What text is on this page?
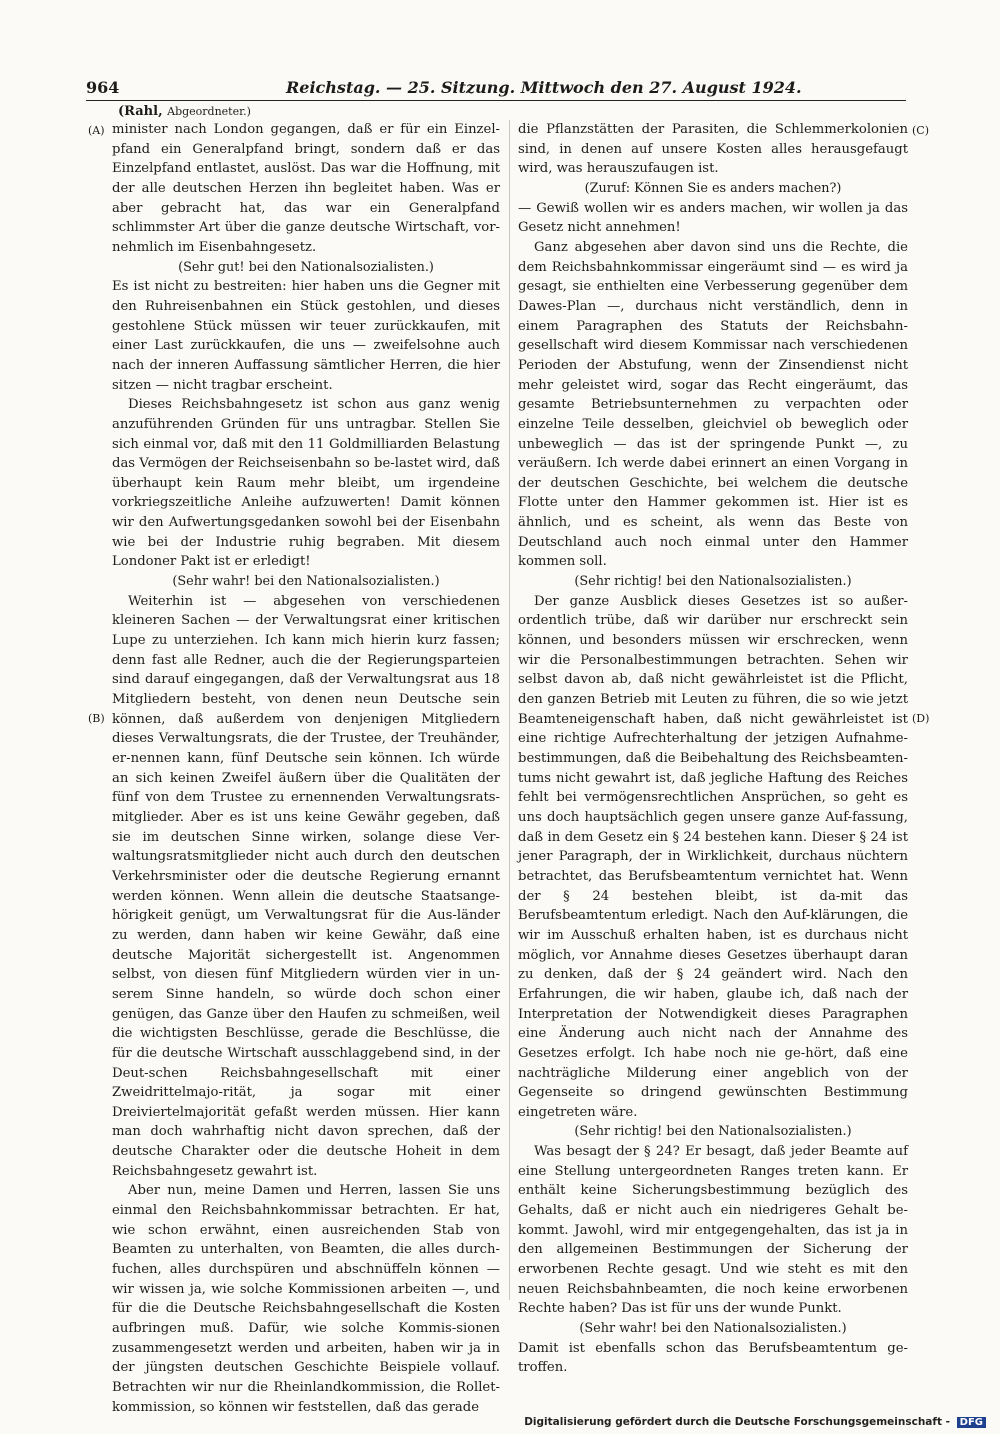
964	Reichstag. — 25. Sitzung. Mittwoch den 27. August 1924.
(Rahl, Abgeordneter.)
(A)
(B)
(C)
(D)

minister nach London gegangen, daß er für ein Einzel-pfand ein Generalpfand bringt, sondern daß er das Einzelpfand entlastet, auslöst. Das war die Hoffnung, mit der alle deutschen Herzen ihn begleitet haben. Was er aber gebracht hat, das war ein Generalpfand schlimmster Art über die ganze deutsche Wirtschaft, vor-nehmlich im Eisenbahngesetz.

(Sehr gut! bei den Nationalsozialisten.)

Es ist nicht zu bestreiten: hier haben uns die Gegner mit den Ruhreisenbahnen ein Stück gestohlen, und dieses gestohlene Stück müssen wir teuer zurückkaufen, mit einer Last zurückkaufen, die uns — zweifelsohne auch nach der inneren Auffassung sämtlicher Herren, die hier sitzen — nicht tragbar erscheint.

Dieses Reichsbahngesetz ist schon aus ganz wenig anzuführenden Gründen für uns untragbar. Stellen Sie sich einmal vor, daß mit den 11 Goldmilliarden Belastung das Vermögen der Reichseisenbahn so be-lastet wird, daß überhaupt kein Raum mehr bleibt, um irgendeine vorkriegszeitliche Anleihe aufzuwerten! Damit können wir den Aufwertungsgedanken sowohl bei der Eisenbahn wie bei der Industrie ruhig begraben. Mit diesem Londoner Pakt ist er erledigt!

(Sehr wahr! bei den Nationalsozialisten.)

Weiterhin ist — abgesehen von verschiedenen kleineren Sachen — der Verwaltungsrat einer kritischen Lupe zu unterziehen. Ich kann mich hierin kurz fassen; denn fast alle Redner, auch die der Regierungsparteien sind darauf eingegangen, daß der Verwaltungsrat aus 18 Mitgliedern besteht, von denen neun Deutsche sein können, daß außerdem von denjenigen Mitgliedern dieses Verwaltungsrats, die der Trustee, der Treuhänder, er-nennen kann, fünf Deutsche sein können. Ich würde an sich keinen Zweifel äußern über die Qualitäten der fünf von dem Trustee zu ernennenden Verwaltungsrats-mitglieder. Aber es ist uns keine Gewähr gegeben, daß sie im deutschen Sinne wirken, solange diese Ver-waltungsratsmitglieder nicht auch durch den deutschen Verkehrsminister oder die deutsche Regierung ernannt werden können. Wenn allein die deutsche Staatsange-hörigkeit genügt, um Verwaltungsrat für die Aus-länder zu werden, dann haben wir keine Gewähr, daß eine deutsche Majorität sichergestellt ist. Angenommen selbst, von diesen fünf Mitgliedern würden vier in un-serem Sinne handeln, so würde doch schon einer genügen, das Ganze über den Haufen zu schmeißen, weil die wichtigsten Beschlüsse, gerade die Beschlüsse, die für die deutsche Wirtschaft ausschlaggebend sind, in der Deut-schen Reichsbahngesellschaft mit einer Zweidrittelmajo-rität, ja sogar mit einer Dreiviertelmajorität gefaßt werden müssen. Hier kann man doch wahrhaftig nicht davon sprechen, daß der deutsche Charakter oder die deutsche Hoheit in dem Reichsbahngesetz gewahrt ist.

Aber nun, meine Damen und Herren, lassen Sie uns einmal den Reichsbahnkommissar betrachten. Er hat, wie schon erwähnt, einen ausreichenden Stab von Beamten zu unterhalten, von Beamten, die alles durch-fuchen, alles durchspüren und abschnüffeln können — wir wissen ja, wie solche Kommissionen arbeiten —, und für die die Deutsche Reichsbahngesellschaft die Kosten aufbringen muß. Dafür, wie solche Kommis-sionen zusammengesetzt werden und arbeiten, haben wir ja in der jüngsten deutschen Geschichte Beispiele vollauf. Betrachten wir nur die Rheinlandkommission, die Rollet-kommission, so können wir feststellen, daß das gerade

die Pflanzstätten der Parasiten, die Schlemmerkolonien sind, in denen auf unsere Kosten alles herausgefaugt wird, was herauszufaugen ist.

(Zuruf: Können Sie es anders machen?)

— Gewiß wollen wir es anders machen, wir wollen ja das Gesetz nicht annehmen!

Ganz abgesehen aber davon sind uns die Rechte, die dem Reichsbahnkommissar eingeräumt sind — es wird ja gesagt, sie enthielten eine Verbesserung gegenüber dem Dawes-Plan —, durchaus nicht verständlich, denn in einem Paragraphen des Statuts der Reichsbahn-gesellschaft wird diesem Kommissar nach verschiedenen Perioden der Abstufung, wenn der Zinsendienst nicht mehr geleistet wird, sogar das Recht eingeräumt, das gesamte Betriebsunternehmen zu verpachten oder einzelne Teile desselben, gleichviel ob beweglich oder unbeweglich — das ist der springende Punkt —, zu veräußern. Ich werde dabei erinnert an einen Vorgang in der deutschen Geschichte, bei welchem die deutsche Flotte unter den Hammer gekommen ist. Hier ist es ähnlich, und es scheint, als wenn das Beste von Deutschland auch noch einmal unter den Hammer kommen soll.

(Sehr richtig! bei den Nationalsozialisten.)

Der ganze Ausblick dieses Gesetzes ist so außer-ordentlich trübe, daß wir darüber nur erschreckt sein können, und besonders müssen wir erschrecken, wenn wir die Personalbestimmungen betrachten. Sehen wir selbst davon ab, daß nicht gewährleistet ist die Pflicht, den ganzen Betrieb mit Leuten zu führen, die so wie jetzt Beamteneigenschaft haben, daß nicht gewährleistet ist eine richtige Aufrechterhaltung der jetzigen Aufnahme-bestimmungen, daß die Beibehaltung des Reichsbeamten-tums nicht gewahrt ist, daß jegliche Haftung des Reiches fehlt bei vermögensrechtlichen Ansprüchen, so geht es uns doch hauptsächlich gegen unsere ganze Auf-fassung, daß in dem Gesetz ein § 24 bestehen kann. Dieser § 24 ist jener Paragraph, der in Wirklichkeit, durchaus nüchtern betrachtet, das Berufsbeamtentum vernichtet hat. Wenn der § 24 bestehen bleibt, ist da-mit das Berufsbeamtentum erledigt. Nach den Auf-klärungen, die wir im Ausschuß erhalten haben, ist es durchaus nicht möglich, vor Annahme dieses Gesetzes überhaupt daran zu denken, daß der § 24 geändert wird. Nach den Erfahrungen, die wir haben, glaube ich, daß nach der Interpretation der Notwendigkeit dieses Paragraphen eine Änderung auch nicht nach der Annahme des Gesetzes erfolgt. Ich habe noch nie ge-hört, daß eine nachträgliche Milderung einer angeblich von der Gegenseite so dringend gewünschten Bestimmung eingetreten wäre.

(Sehr richtig! bei den Nationalsozialisten.)

Was besagt der § 24? Er besagt, daß jeder Beamte auf eine Stellung untergeordneten Ranges treten kann. Er enthält keine Sicherungsbestimmung bezüglich des Gehalts, daß er nicht auch ein niedrigeres Gehalt be-kommt. Jawohl, wird mir entgegengehalten, das ist ja in den allgemeinen Bestimmungen der Sicherung der erworbenen Rechte gesagt. Und wie steht es mit den neuen Reichsbahnbeamten, die noch keine erworbenen Rechte haben? Das ist für uns der wunde Punkt.

(Sehr wahr! bei den Nationalsozialisten.)

Damit ist ebenfalls schon das Berufsbeamtentum ge-troffen.

Digitalisierung gefördert durch die Deutsche Forschungsgemeinschaft - DFG
